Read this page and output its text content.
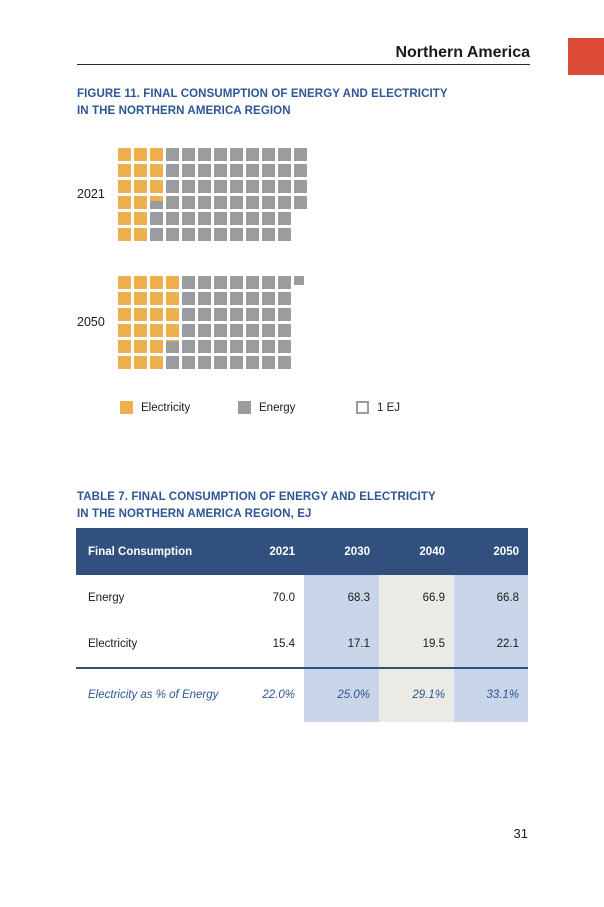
Northern America
FIGURE 11. FINAL CONSUMPTION OF ENERGY AND ELECTRICITY
IN THE NORTHERN AMERICA REGION
2021
2050
Electricity	Energy	1 EJ
TABLE 7. FINAL CONSUMPTION OF ENERGY AND ELECTRICITY
IN THE NORTHERN AMERICA REGION, EJ
Final Consumption	2021	2030	2040	2050
Energy	70.0	68.3	66.9	66.8
Electricity	15.4	17.1	19.5	22.1
Electricity as % of Energy	22.0%	25.0%	29.1%	33.1%
31
